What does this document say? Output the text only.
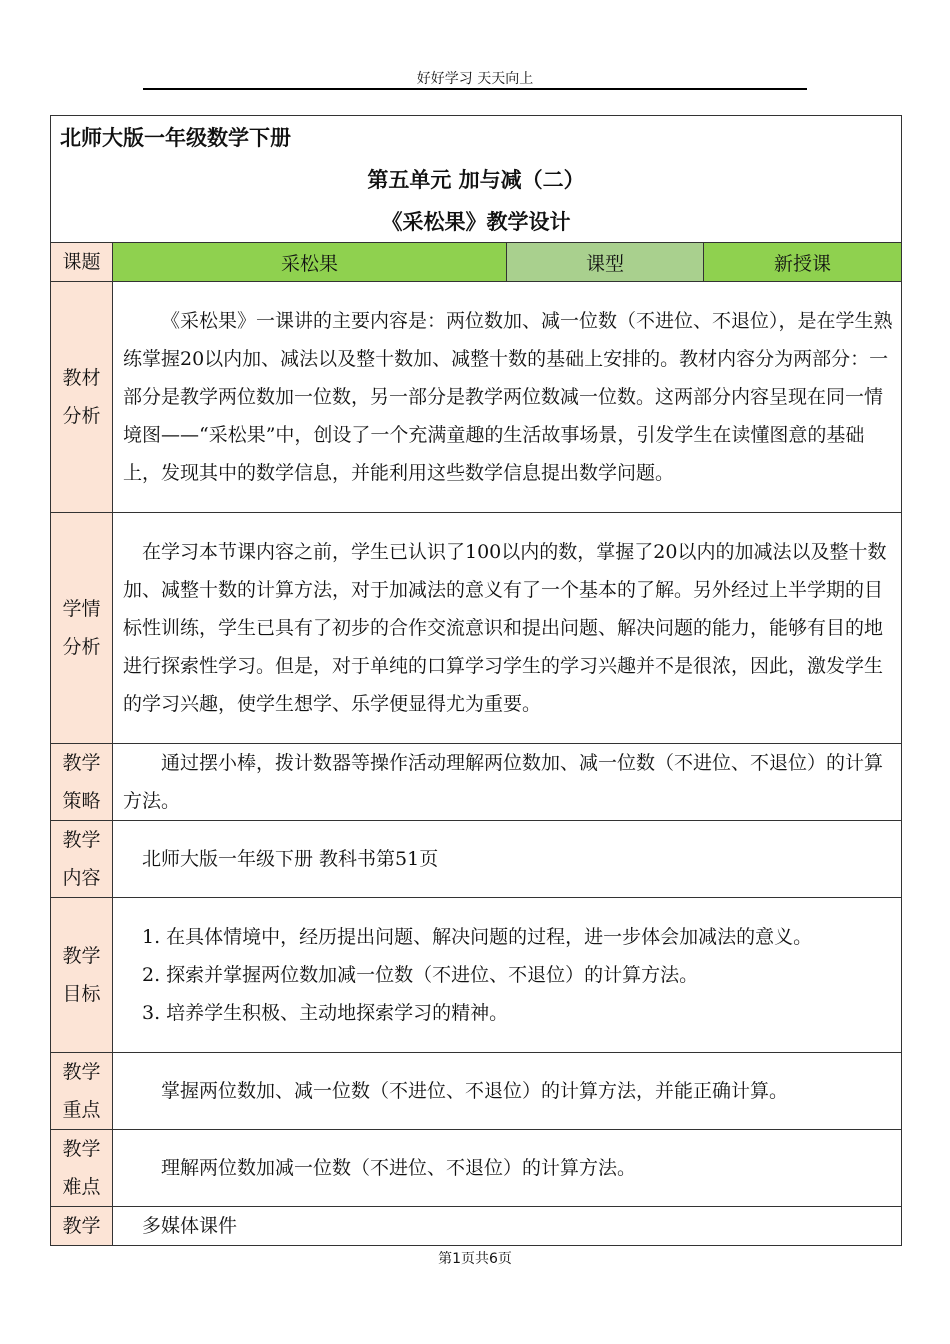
好好学习 天天向上
北师大版一年级数学下册
第五单元 加与减（二）
《采松果》教学设计			

课题	采松果	课型	新授课

教材分析	《采松果》一课讲的主要内容是：两位数加、减一位数（不进位、不退位），是在学生熟练掌握20以内加、减法以及整十数加、减整十数的基础上安排的。教材内容分为两部分：一部分是教学两位数加一位数，另一部分是教学两位数减一位数。这两部分内容呈现在同一情境图——“采松果”中，创设了一个充满童趣的生活故事场景，引发学生在读懂图意的基础上，发现其中的数学信息，并能利用这些数学信息提出数学问题。		

学情分析	在学习本节课内容之前，学生已认识了100以内的数，掌握了20以内的加减法以及整十数加、减整十数的计算方法，对于加减法的意义有了一个基本的了解。另外经过上半学期的目标性训练，学生已具有了初步的合作交流意识和提出问题、解决问题的能力，能够有目的地进行探索性学习。但是，对于单纯的口算学习学生的学习兴趣并不是很浓，因此，激发学生的学习兴趣，使学生想学、乐学便显得尤为重要。		

教学策略	通过摆小棒，拨计数器等操作活动理解两位数加、减一位数（不进位、不退位）的计算方法。		

教学内容	北师大版一年级下册 教科书第51页		

教学目标	1. 在具体情境中，经历提出问题、解决问题的过程，进一步体会加减法的意义。

2. 探索并掌握两位数加减一位数（不进位、不退位）的计算方法。

3. 培养学生积极、主动地探索学习的精神。		

教学重点	掌握两位数加、减一位数（不进位、不退位）的计算方法，并能正确计算。		

教学难点	理解两位数加减一位数（不进位、不退位）的计算方法。		

教学	多媒体课件		

第1页共6页
